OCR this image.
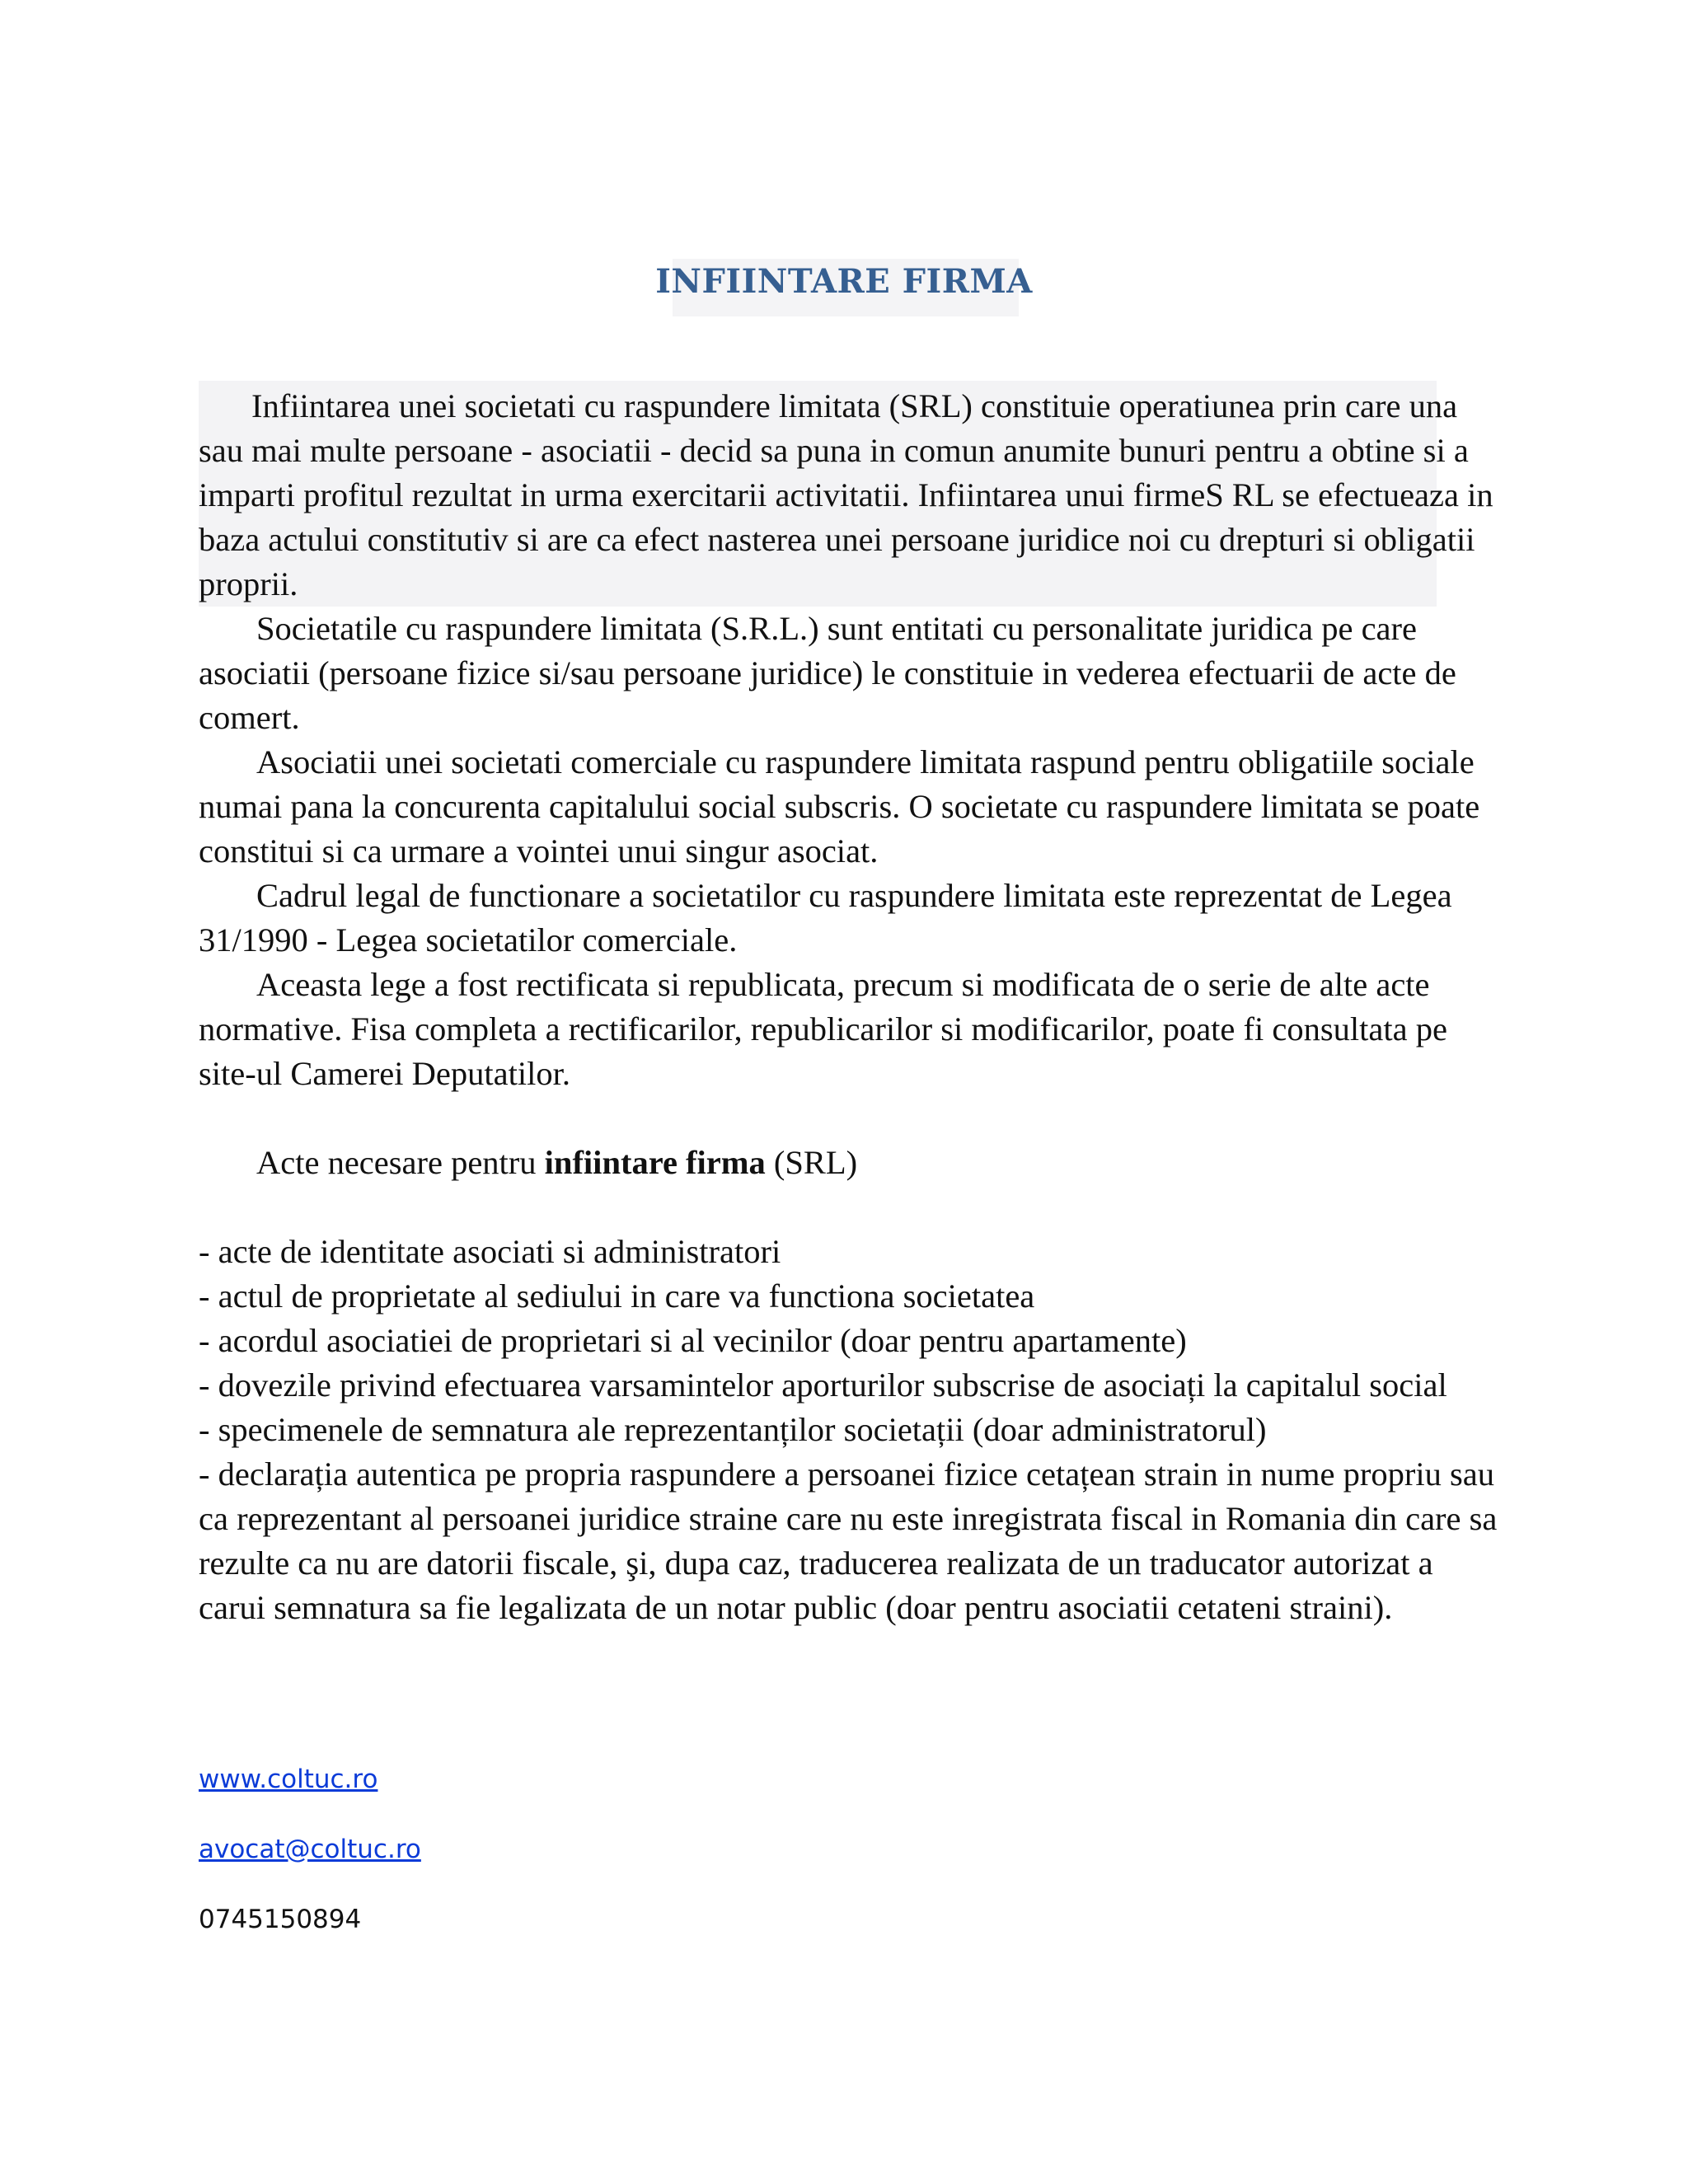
INFIINTARE FIRMA

Infiintarea unei societati cu raspundere limitata (SRL) constituie operatiunea prin care una sau mai multe persoane - asociatii - decid sa puna in comun anumite bunuri pentru a obtine si a imparti profitul rezultat in urma exercitarii activitatii. Infiintarea unui firmeS RL se efectueaza in baza actului constitutiv si are ca efect nasterea unei persoane juridice noi cu drepturi si obligatii proprii.

Societatile cu raspundere limitata (S.R.L.) sunt entitati cu personalitate juridica pe care asociatii (persoane fizice si/sau persoane juridice) le constituie in vederea efectuarii de acte de comert.

Asociatii unei societati comerciale cu raspundere limitata raspund pentru obligatiile sociale numai pana la concurenta capitalului social subscris. O societate cu raspundere limitata se poate constitui si ca urmare a vointei unui singur asociat.

Cadrul legal de functionare a societatilor cu raspundere limitata este reprezentat de Legea 31/1990 - Legea societatilor comerciale.

Aceasta lege a fost rectificata si republicata, precum si modificata de o serie de alte acte normative. Fisa completa a rectificarilor, republicarilor si modificarilor, poate fi consultata pe site-ul Camerei Deputatilor.

Acte necesare pentru infiintare firma (SRL)

- acte de identitate asociati si administratori

- actul de proprietate al sediului in care va functiona societatea

- acordul asociatiei de proprietari si al vecinilor (doar pentru apartamente)

- dovezile privind efectuarea varsamintelor aporturilor subscrise de asociați la capitalul social

- specimenele de semnatura ale reprezentanților societații (doar administratorul)

- declarația autentica pe propria raspundere a persoanei fizice cetațean strain in nume propriu sau ca reprezentant al persoanei juridice straine care nu este inregistrata fiscal in Romania din care sa rezulte ca nu are datorii fiscale, şi, dupa caz, traducerea realizata de un traducator autorizat a carui semnatura sa fie legalizata de un notar public (doar pentru asociatii cetateni straini).

www.coltuc.ro
avocat@coltuc.ro
0745150894
